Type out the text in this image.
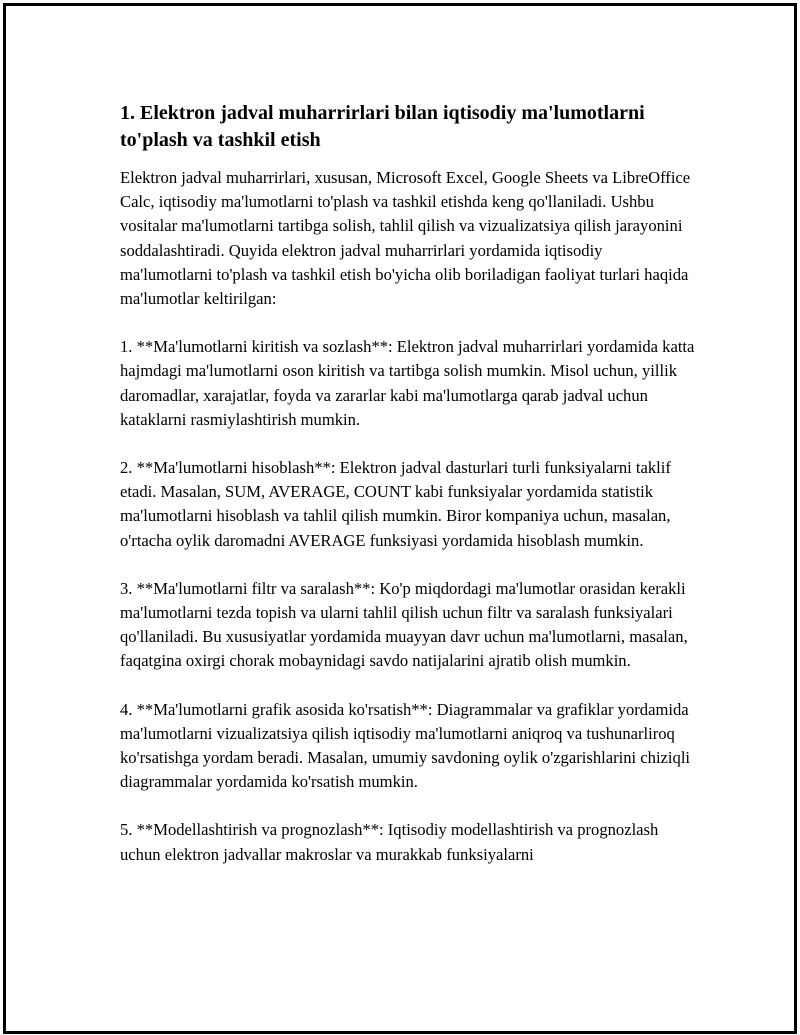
1. Elektron jadval muharrirlari bilan iqtisodiy ma'lumotlarni to'plash va tashkil etish

Elektron jadval muharrirlari, xususan, Microsoft Excel, Google Sheets va LibreOffice Calc, iqtisodiy ma'lumotlarni to'plash va tashkil etishda keng qo'llaniladi. Ushbu vositalar ma'lumotlarni tartibga solish, tahlil qilish va vizualizatsiya qilish jarayonini soddalashtiradi. Quyida elektron jadval muharrirlari yordamida iqtisodiy ma'lumotlarni to'plash va tashkil etish bo'yicha olib boriladigan faoliyat turlari haqida ma'lumotlar keltirilgan:

1. **Ma'lumotlarni kiritish va sozlash**: Elektron jadval muharrirlari yordamida katta hajmdagi ma'lumotlarni oson kiritish va tartibga solish mumkin. Misol uchun, yillik daromadlar, xarajatlar, foyda va zararlar kabi ma'lumotlarga qarab jadval uchun kataklarni rasmiylashtirish mumkin.

2. **Ma'lumotlarni hisoblash**: Elektron jadval dasturlari turli funksiyalarni taklif etadi. Masalan, SUM, AVERAGE, COUNT kabi funksiyalar yordamida statistik ma'lumotlarni hisoblash va tahlil qilish mumkin. Biror kompaniya uchun, masalan, o'rtacha oylik daromadni AVERAGE funksiyasi yordamida hisoblash mumkin.

3. **Ma'lumotlarni filtr va saralash**: Ko'p miqdordagi ma'lumotlar orasidan kerakli ma'lumotlarni tezda topish va ularni tahlil qilish uchun filtr va saralash funksiyalari qo'llaniladi. Bu xususiyatlar yordamida muayyan davr uchun ma'lumotlarni, masalan, faqatgina oxirgi chorak mobaynidagi savdo natijalarini ajratib olish mumkin.

4. **Ma'lumotlarni grafik asosida ko'rsatish**: Diagrammalar va grafiklar yordamida ma'lumotlarni vizualizatsiya qilish iqtisodiy ma'lumotlarni aniqroq va tushunarliroq ko'rsatishga yordam beradi. Masalan, umumiy savdoning oylik o'zgarishlarini chiziqli diagrammalar yordamida ko'rsatish mumkin.

5. **Modellashtirish va prognozlash**: Iqtisodiy modellashtirish va prognozlash uchun elektron jadvallar makroslar va murakkab funksiyalarni
